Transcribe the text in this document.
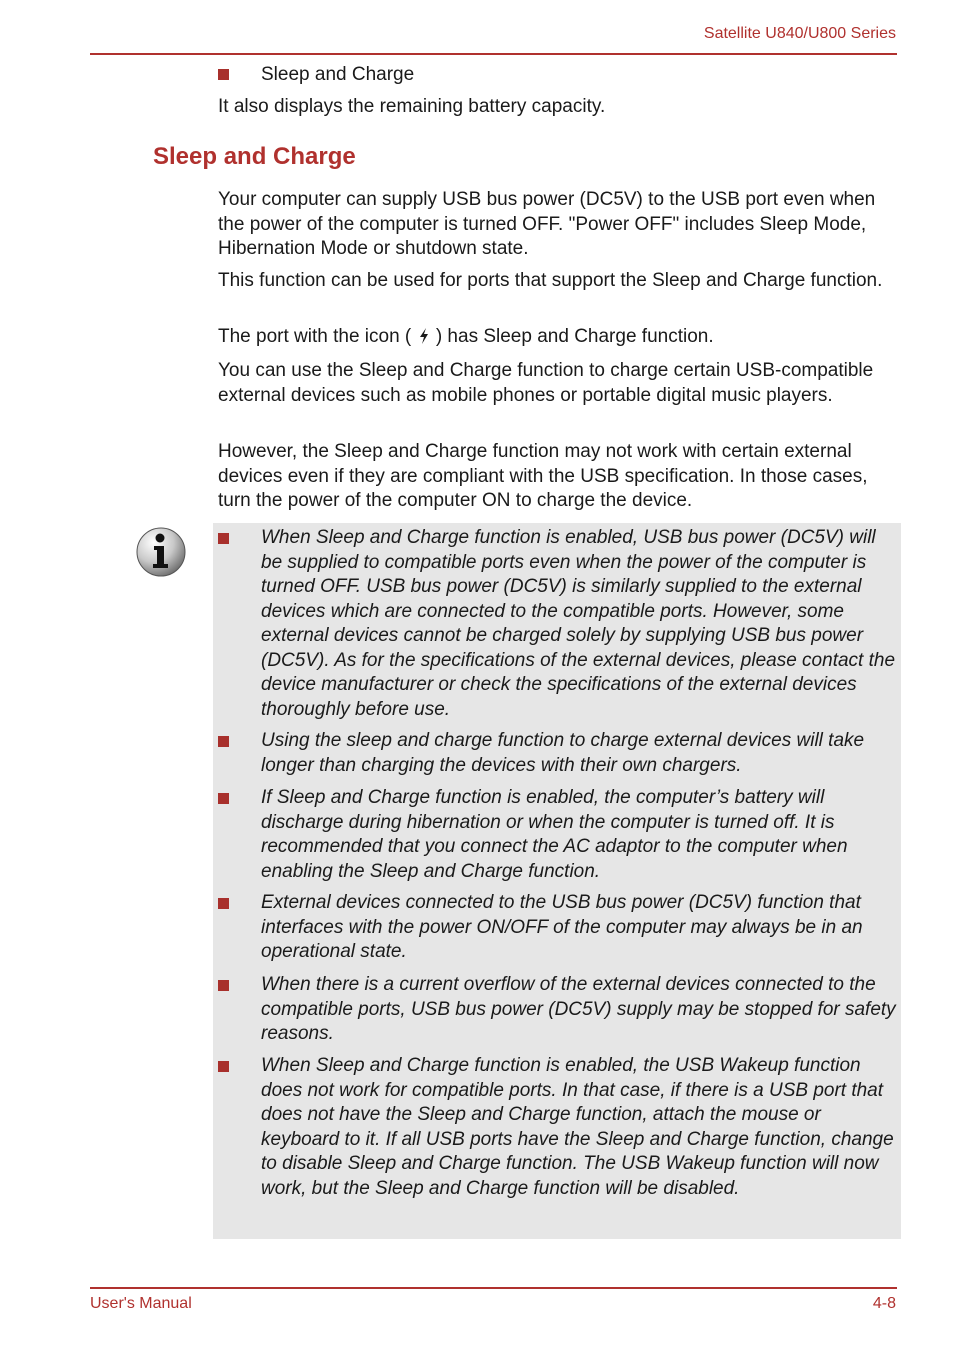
Satellite U840/U800 Series
Sleep and Charge
It also displays the remaining battery capacity.
Sleep and Charge
Your computer can supply USB bus power (DC5V) to the USB port even when the power of the computer is turned OFF. "Power OFF" includes Sleep Mode, Hibernation Mode or shutdown state.
This function can be used for ports that support the Sleep and Charge function.
The port with the icon (  ) has Sleep and Charge function.
You can use the Sleep and Charge function to charge certain USB-compatible external devices such as mobile phones or portable digital music players.
However, the Sleep and Charge function may not work with certain external devices even if they are compliant with the USB specification. In those cases, turn the power of the computer ON to charge the device.
When Sleep and Charge function is enabled, USB bus power (DC5V) will be supplied to compatible ports even when the power of the computer is turned OFF. USB bus power (DC5V) is similarly supplied to the external devices which are connected to the compatible ports. However, some external devices cannot be charged solely by supplying USB bus power (DC5V). As for the specifications of the external devices, please contact the device manufacturer or check the specifications of the external devices thoroughly before use.
Using the sleep and charge function to charge external devices will take longer than charging the devices with their own chargers.
If Sleep and Charge function is enabled, the computer’s battery will discharge during hibernation or when the computer is turned off. It is recommended that you connect the AC adaptor to the computer when enabling the Sleep and Charge function.
External devices connected to the USB bus power (DC5V) function that interfaces with the power ON/OFF of the computer may always be in an operational state.
When there is a current overflow of the external devices connected to the compatible ports, USB bus power (DC5V) supply may be stopped for safety reasons.
When Sleep and Charge function is enabled, the USB Wakeup function does not work for compatible ports. In that case, if there is a USB port that does not have the Sleep and Charge function, attach the mouse or keyboard to it. If all USB ports have the Sleep and Charge function, change to disable Sleep and Charge function. The USB Wakeup function will now work, but the Sleep and Charge function will be disabled.
User's Manual	4-8
